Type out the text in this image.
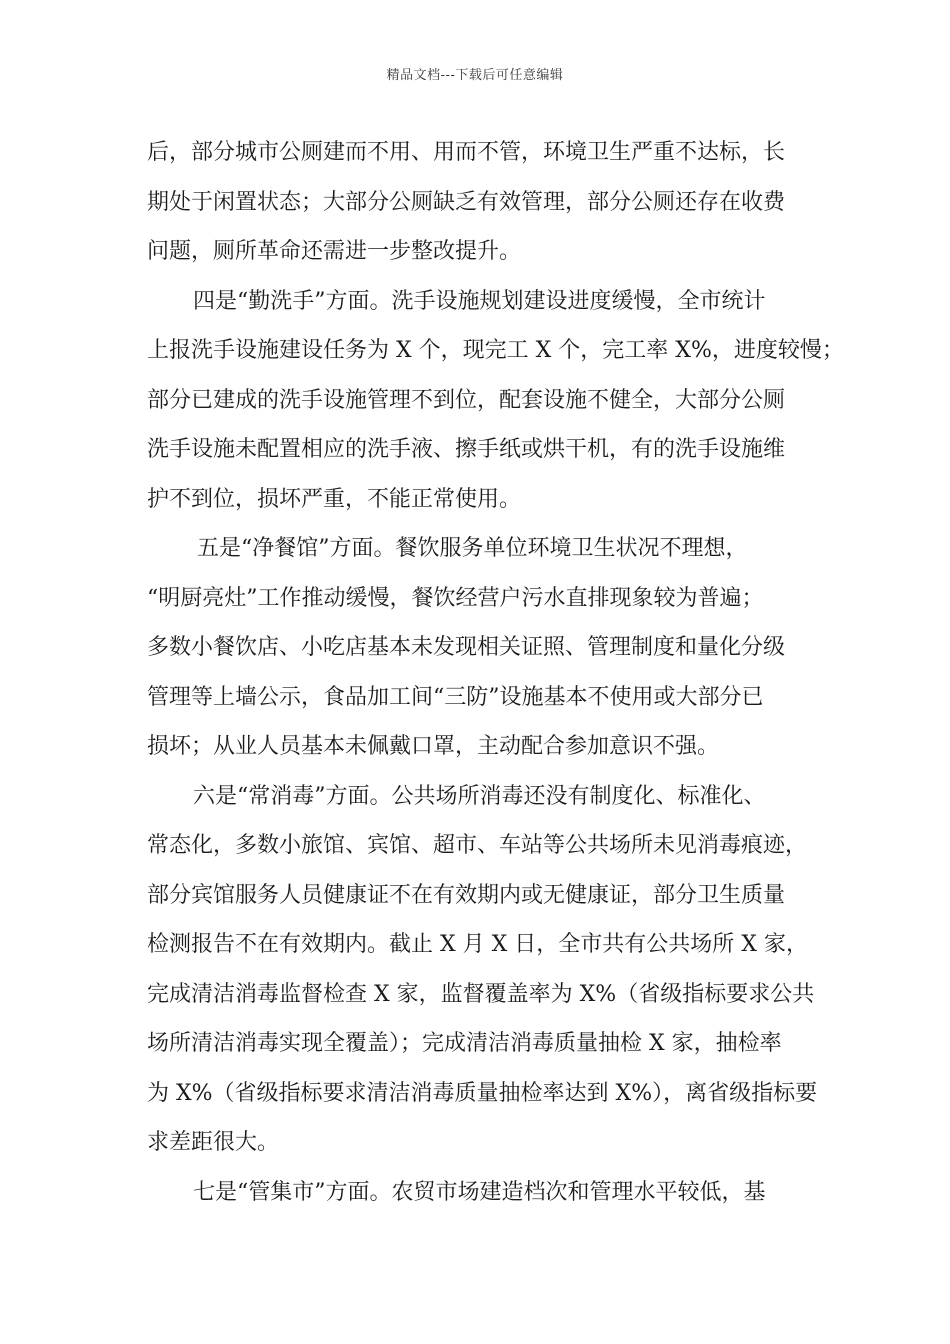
精品文档---下载后可任意编辑
后，部分城市公厕建而不用、用而不管，环境卫生严重不达标，长
期处于闲置状态；大部分公厕缺乏有效管理，部分公厕还存在收费
问题，厕所革命还需进一步整改提升。
四是“勤洗手”方面。洗手设施规划建设进度缓慢，全市统计
上报洗手设施建设任务为 X 个，现完工 X 个，完工率 X%，进度较慢；
部分已建成的洗手设施管理不到位，配套设施不健全，大部分公厕
洗手设施未配置相应的洗手液、擦手纸或烘干机，有的洗手设施维
护不到位，损坏严重，不能正常使用。
五是“净餐馆”方面。餐饮服务单位环境卫生状况不理想，
“明厨亮灶”工作推动缓慢，餐饮经营户污水直排现象较为普遍；
多数小餐饮店、小吃店基本未发现相关证照、管理制度和量化分级
管理等上墙公示，食品加工间“三防”设施基本不使用或大部分已
损坏；从业人员基本未佩戴口罩，主动配合参加意识不强。
六是“常消毒”方面。公共场所消毒还没有制度化、标准化、
常态化，多数小旅馆、宾馆、超市、车站等公共场所未见消毒痕迹，
部分宾馆服务人员健康证不在有效期内或无健康证，部分卫生质量
检测报告不在有效期内。截止 X 月 X 日，全市共有公共场所 X 家，
完成清洁消毒监督检查 X 家，监督覆盖率为 X%（省级指标要求公共
场所清洁消毒实现全覆盖）；完成清洁消毒质量抽检 X 家，抽检率
为 X%（省级指标要求清洁消毒质量抽检率达到 X%），离省级指标要
求差距很大。
七是“管集市”方面。农贸市场建造档次和管理水平较低，基
